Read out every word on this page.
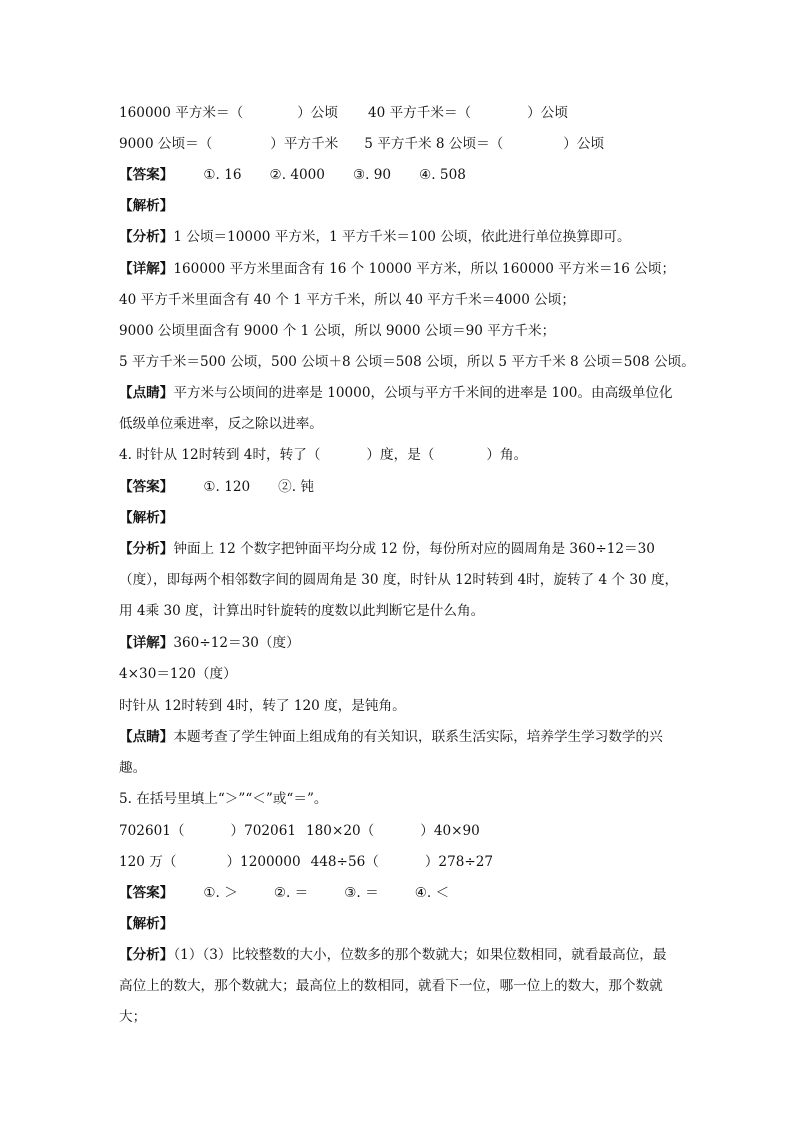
160000 平方米＝（	）公顷 40 平方千米＝（	）公顷
9000 公顷＝（	）平方千米 5 平方千米 8 公顷＝（	）公顷
【答案】 ①. 16 ②. 4000 ③. 90 ④. 508
【解析】
【分析】1 公顷＝10000 平方米，1 平方千米＝100 公顷，依此进行单位换算即可。
【详解】160000 平方米里面含有 16 个 10000 平方米，所以 160000 平方米＝16 公顷；
40 平方千米里面含有 40 个 1 平方千米，所以 40 平方千米＝4000 公顷；
9000 公顷里面含有 9000 个 1 公顷，所以 9000 公顷＝90 平方千米；
5 平方千米＝500 公顷，500 公顷＋8 公顷＝508 公顷，所以 5 平方千米 8 公顷＝508 公顷。
【点睛】平方米与公顷间的进率是 10000，公顷与平方千米间的进率是 100。由高级单位化低级单位乘进率，反之除以进率。
4. 时针从 12时转到 4时，转了（	）度，是（	）角。
【答案】 ①. 120 ②. 钝
【解析】
【分析】钟面上 12 个数字把钟面平均分成 12 份，每份所对应的圆周角是 360÷12＝30（度），即每两个相邻数字间的圆周角是 30 度，时针从 12时转到 4时，旋转了 4 个 30 度，用 4乘 30 度，计算出时针旋转的度数以此判断它是什么角。
【详解】360÷12＝30（度）
4×30＝120（度）
时针从 12时转到 4时，转了 120 度，是钝角。
【点睛】本题考查了学生钟面上组成角的有关知识，联系生活实际，培养学生学习数学的兴趣。
5. 在括号里填上“＞”“＜”或“＝”。
702601（	）702061 180×20（	）40×90
120 万（	）1200000 448÷56（	）278÷27
【答案】 ①. ＞	②. ＝	③. ＝	④. ＜
【解析】
【分析】（1）（3）比较整数的大小，位数多的那个数就大；如果位数相同，就看最高位，最高位上的数大，那个数就大；最高位上的数相同，就看下一位，哪一位上的数大，那个数就大；
